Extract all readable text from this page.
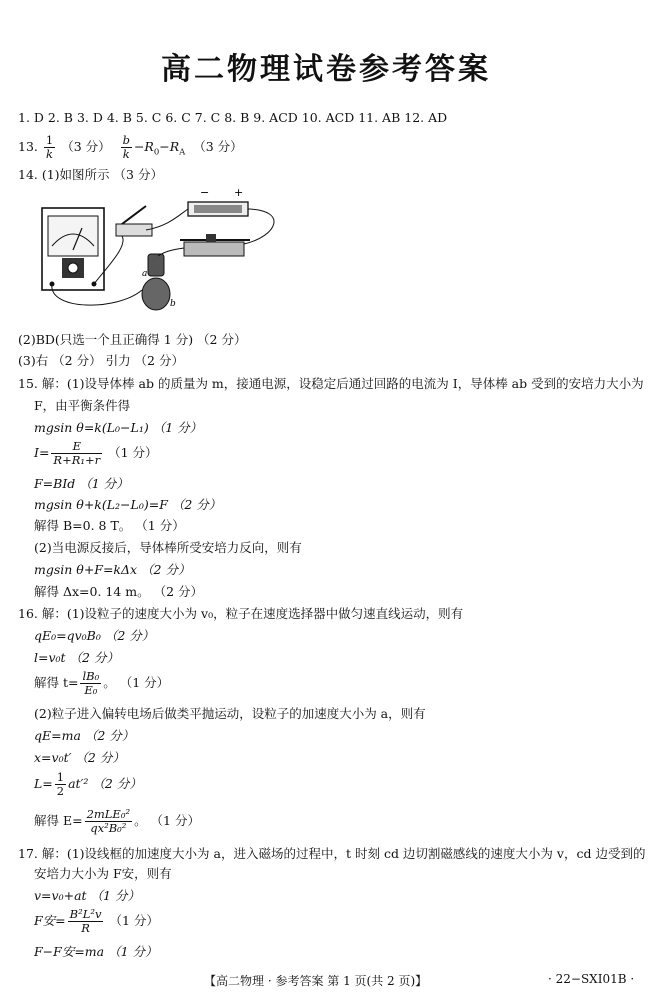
高二物理试卷参考答案
1. D 2. B 3. D 4. B 5. C 6. C 7. C 8. B 9. ACD 10. ACD 11. AB 12. AD
13. $\frac{1}{k} (3$ 分） $\frac{b}{k} -R_0-R_A$ （3 分）
14. (1)如图所示 （3 分）
− +
a
b
(2)BD(只选一个且正确得 1 分) （2 分）
(3)右 （2 分） 引力 （2 分）
15. 解：(1)设导体棒 ab 的质量为 m，接通电源，设稳定后通过回路的电流为 I，导体棒 ab 受到的安培力大小为
F，由平衡条件得
mgsin θ=k(L₀−L₁) （1 分）
$I= \frac{E}{\text{R+R₁+r}} (1$ 分）
F=BId （1 分）
mgsin θ+k(L₂−L₀)=F （2 分）
解得 B=0. 8 T。 （1 分）
(2)当电源反接后，导体棒所受安培力反向，则有
mgsin θ+F=kΔx （2 分）
解得 Δx=0. 14 m。 （2 分）
16. 解：(1)设粒子的速度大小为 v₀，粒子在速度选择器中做匀速直线运动，则有
qE₀=qv₀B₀ （2 分）
l=v₀t （2 分）
解得 $t= \frac{\text{lB₀}}{\text{E₀}}$ 。 （1 分）
(2)粒子进入偏转电场后做类平抛运动，设粒子的加速度大小为 a，则有
qE=ma （2 分）
x=v₀t′ （2 分）
$L= \frac{1}{2} at'^2$ （2 分）
解得 $E= \frac{\text{2mLE₀²}}{\text{qx²B₀²}}$ 。 （1 分）
17. 解：(1)设线框的加速度大小为 a，进入磁场的过程中，t 时刻 cd 边切割磁感线的速度大小为 v，cd 边受到的
安培力大小为 F安，则有
v=v₀+at （1 分）
F安= $\frac{\text{B²L²v}}{R} (1$ 分）
F−F安=ma （1 分）
【高二物理 · 参考答案 第 1 页(共 2 页)】	· 22−SXI01B ·
